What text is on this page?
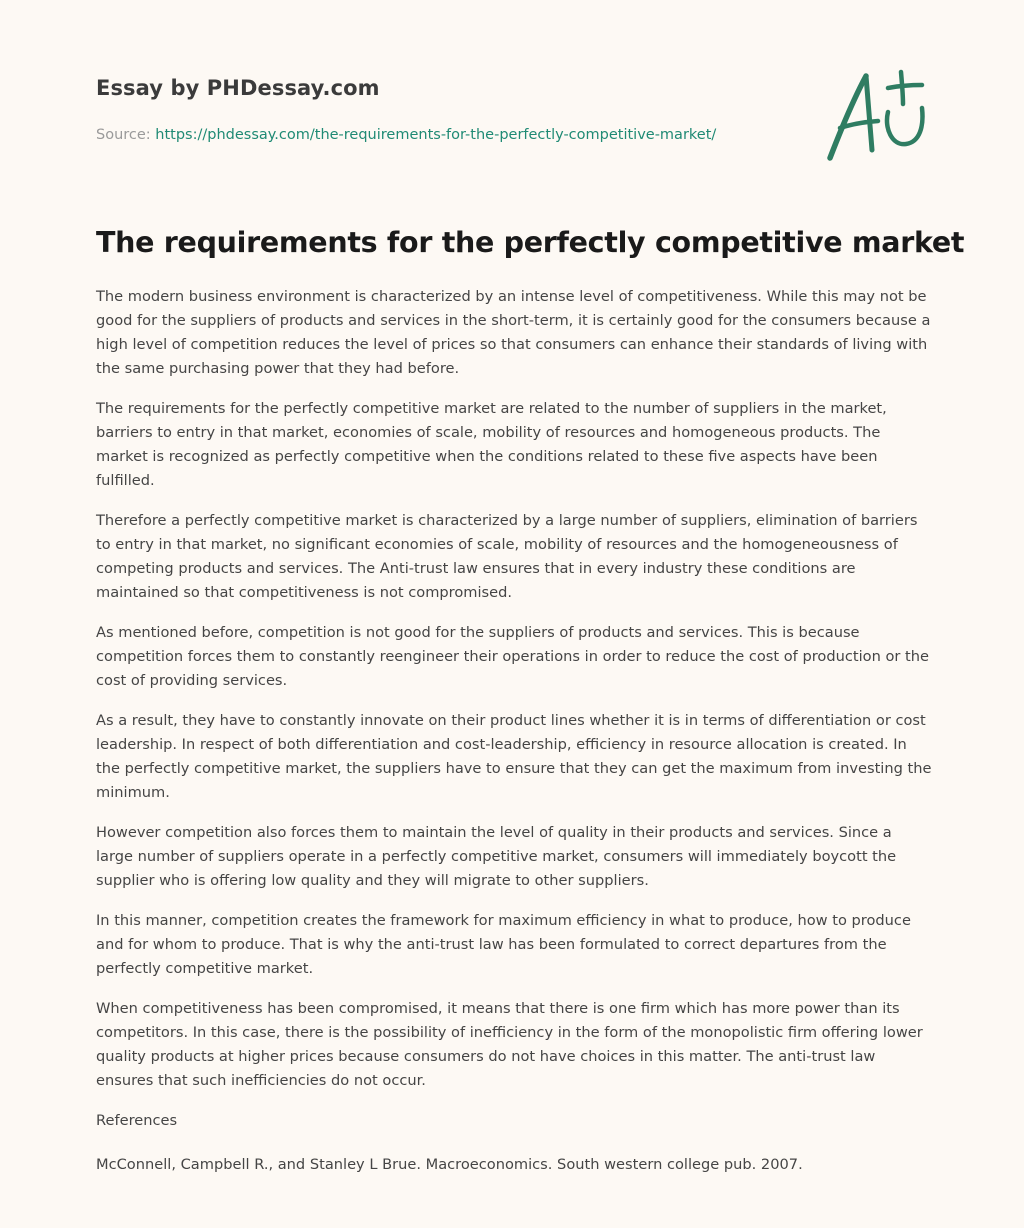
Essay by PHDessay.com
Source: https://phdessay.com/the-requirements-for-the-perfectly-competitive-market/
The requirements for the perfectly competitive market

The modern business environment is characterized by an intense level of competitiveness. While this may not be good for the suppliers of products and services in the short-term, it is certainly good for the consumers because a high level of competition reduces the level of prices so that consumers can enhance their standards of living with the same purchasing power that they had before.

The requirements for the perfectly competitive market are related to the number of suppliers in the market, barriers to entry in that market, economies of scale, mobility of resources and homogeneous products. The market is recognized as perfectly competitive when the conditions related to these five aspects have been fulfilled.

Therefore a perfectly competitive market is characterized by a large number of suppliers, elimination of barriers to entry in that market, no significant economies of scale, mobility of resources and the homogeneousness of competing products and services. The Anti-trust law ensures that in every industry these conditions are maintained so that competitiveness is not compromised.

As mentioned before, competition is not good for the suppliers of products and services. This is because competition forces them to constantly reengineer their operations in order to reduce the cost of production or the cost of providing services.

As a result, they have to constantly innovate on their product lines whether it is in terms of differentiation or cost leadership. In respect of both differentiation and cost-leadership, efficiency in resource allocation is created. In the perfectly competitive market, the suppliers have to ensure that they can get the maximum from investing the minimum.

However competition also forces them to maintain the level of quality in their products and services. Since a large number of suppliers operate in a perfectly competitive market, consumers will immediately boycott the supplier who is offering low quality and they will migrate to other suppliers.

In this manner, competition creates the framework for maximum efficiency in what to produce, how to produce and for whom to produce. That is why the anti-trust law has been formulated to correct departures from the perfectly competitive market.

When competitiveness has been compromised, it means that there is one firm which has more power than its competitors. In this case, there is the possibility of inefficiency in the form of the monopolistic firm offering lower quality products at higher prices because consumers do not have choices in this matter. The anti-trust law ensures that such inefficiencies do not occur.

References

McConnell, Campbell R., and Stanley L Brue. Macroeconomics. South western college pub. 2007.
